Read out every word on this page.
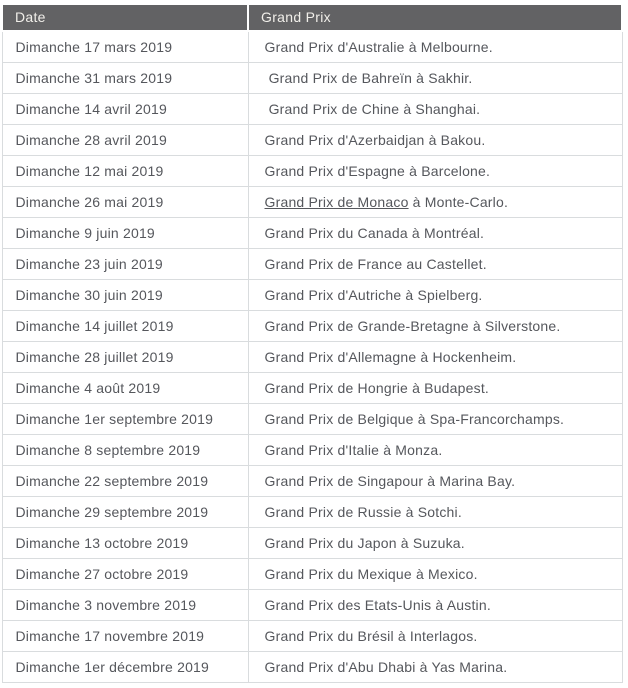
Date	Grand Prix
Dimanche 17 mars 2019	Grand Prix d'Australie à Melbourne.
Dimanche 31 mars 2019	Grand Prix de Bahreïn à Sakhir.
Dimanche 14 avril 2019	Grand Prix de Chine à Shanghai.
Dimanche 28 avril 2019	Grand Prix d'Azerbaidjan à Bakou.
Dimanche 12 mai 2019	Grand Prix d'Espagne à Barcelone.
Dimanche 26 mai 2019	Grand Prix de Monaco à Monte-Carlo.
Dimanche 9 juin 2019	Grand Prix du Canada à Montréal.
Dimanche 23 juin 2019	Grand Prix de France au Castellet.
Dimanche 30 juin 2019	Grand Prix d'Autriche à Spielberg.
Dimanche 14 juillet 2019	Grand Prix de Grande-Bretagne à Silverstone.
Dimanche 28 juillet 2019	Grand Prix d'Allemagne à Hockenheim.
Dimanche 4 août 2019	Grand Prix de Hongrie à Budapest.
Dimanche 1er septembre 2019	Grand Prix de Belgique à Spa-Francorchamps.
Dimanche 8 septembre 2019	Grand Prix d'Italie à Monza.
Dimanche 22 septembre 2019	Grand Prix de Singapour à Marina Bay.
Dimanche 29 septembre 2019	Grand Prix de Russie à Sotchi.
Dimanche 13 octobre 2019	Grand Prix du Japon à Suzuka.
Dimanche 27 octobre 2019	Grand Prix du Mexique à Mexico.
Dimanche 3 novembre 2019	Grand Prix des Etats-Unis à Austin.
Dimanche 17 novembre 2019	Grand Prix du Brésil à Interlagos.
Dimanche 1er décembre 2019	Grand Prix d'Abu Dhabi à Yas Marina.
